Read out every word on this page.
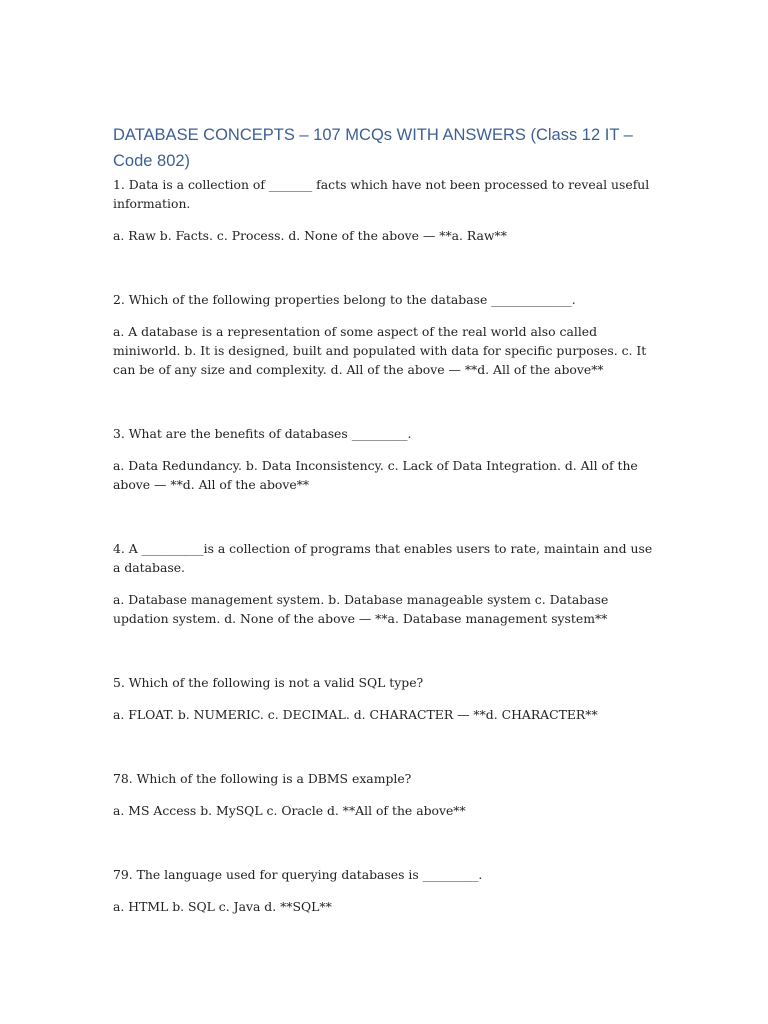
DATABASE CONCEPTS – 107 MCQs WITH ANSWERS (Class 12 IT – Code 802)

1. Data is a collection of _______ facts which have not been processed to reveal useful information.

a. Raw b. Facts. c. Process. d. None of the above — **a. Raw**

2. Which of the following properties belong to the database _____________.

a. A database is a representation of some aspect of the real world also called miniworld. b. It is designed, built and populated with data for specific purposes. c. It can be of any size and complexity. d. All of the above — **d. All of the above**

3. What are the benefits of databases _________.

a. Data Redundancy. b. Data Inconsistency. c. Lack of Data Integration. d. All of the above — **d. All of the above**

4. A __________is a collection of programs that enables users to rate, maintain and use a database.

a. Database management system. b. Database manageable system c. Database updation system. d. None of the above — **a. Database management system**

5. Which of the following is not a valid SQL type?

a. FLOAT. b. NUMERIC. c. DECIMAL. d. CHARACTER — **d. CHARACTER**

78. Which of the following is a DBMS example?

a. MS Access b. MySQL c. Oracle d. **All of the above**

79. The language used for querying databases is _________.

a. HTML b. SQL c. Java d. **SQL**
